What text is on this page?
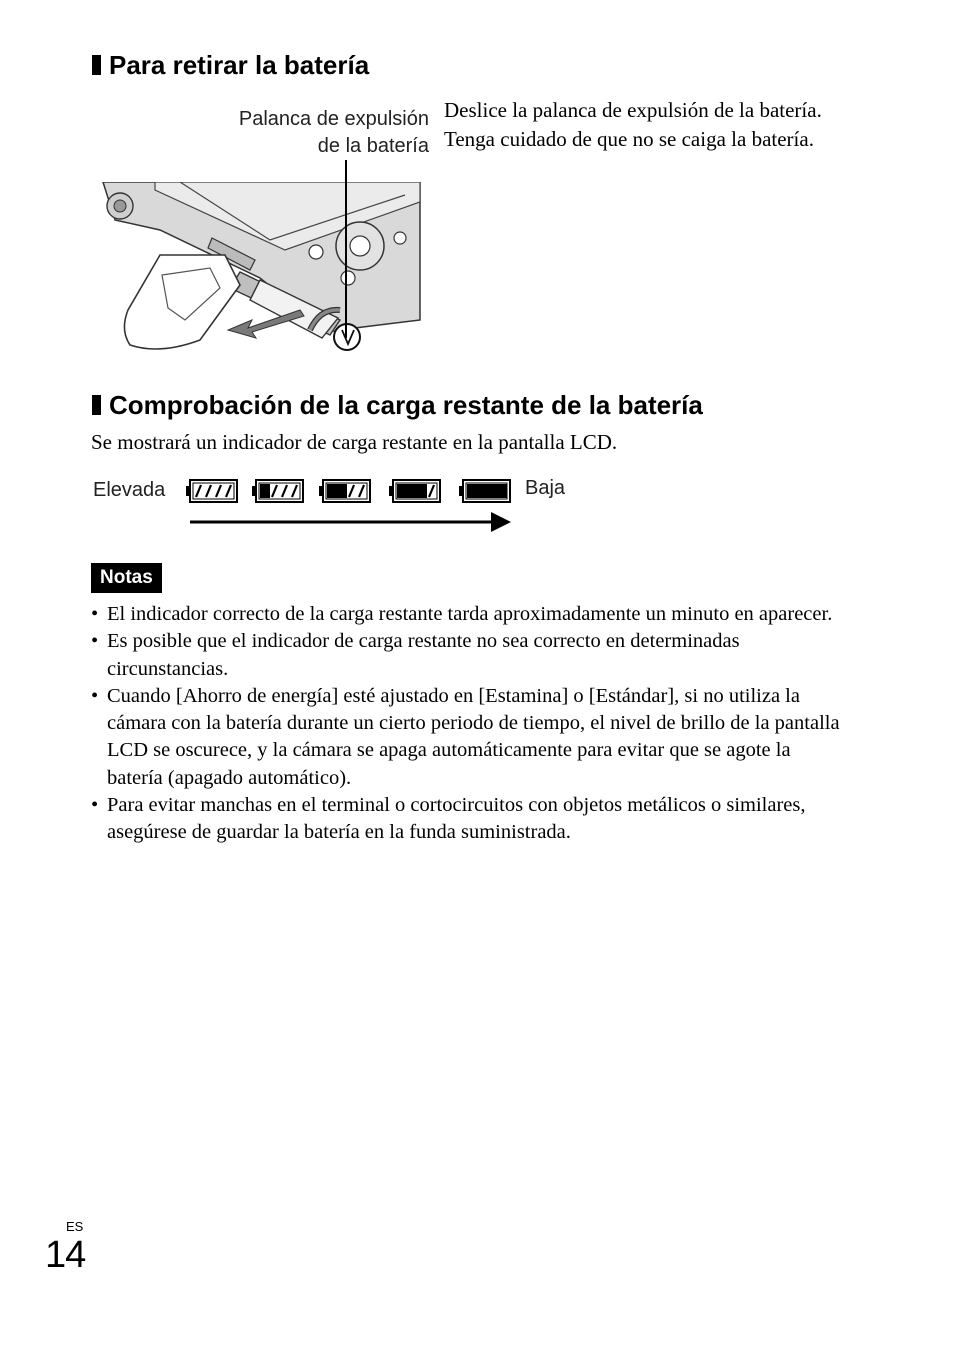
Para retirar la batería
Palanca de expulsión
de la batería
Deslice la palanca de expulsión de la batería. Tenga cuidado de que no se caiga la batería.
Comprobación de la carga restante de la batería
Se mostrará un indicador de carga restante en la pantalla LCD.
Elevada	Baja
Notas
• El indicador correcto de la carga restante tarda aproximadamente un minuto en aparecer.
• Es posible que el indicador de carga restante no sea correcto en determinadas circunstancias.
• Cuando [Ahorro de energía] esté ajustado en [Estamina] o [Estándar], si no utiliza la cámara con la batería durante un cierto periodo de tiempo, el nivel de brillo de la pantalla LCD se oscurece, y la cámara se apaga automáticamente para evitar que se agote la batería (apagado automático).
• Para evitar manchas en el terminal o cortocircuitos con objetos metálicos o similares, asegúrese de guardar la batería en la funda suministrada.
ES
14
